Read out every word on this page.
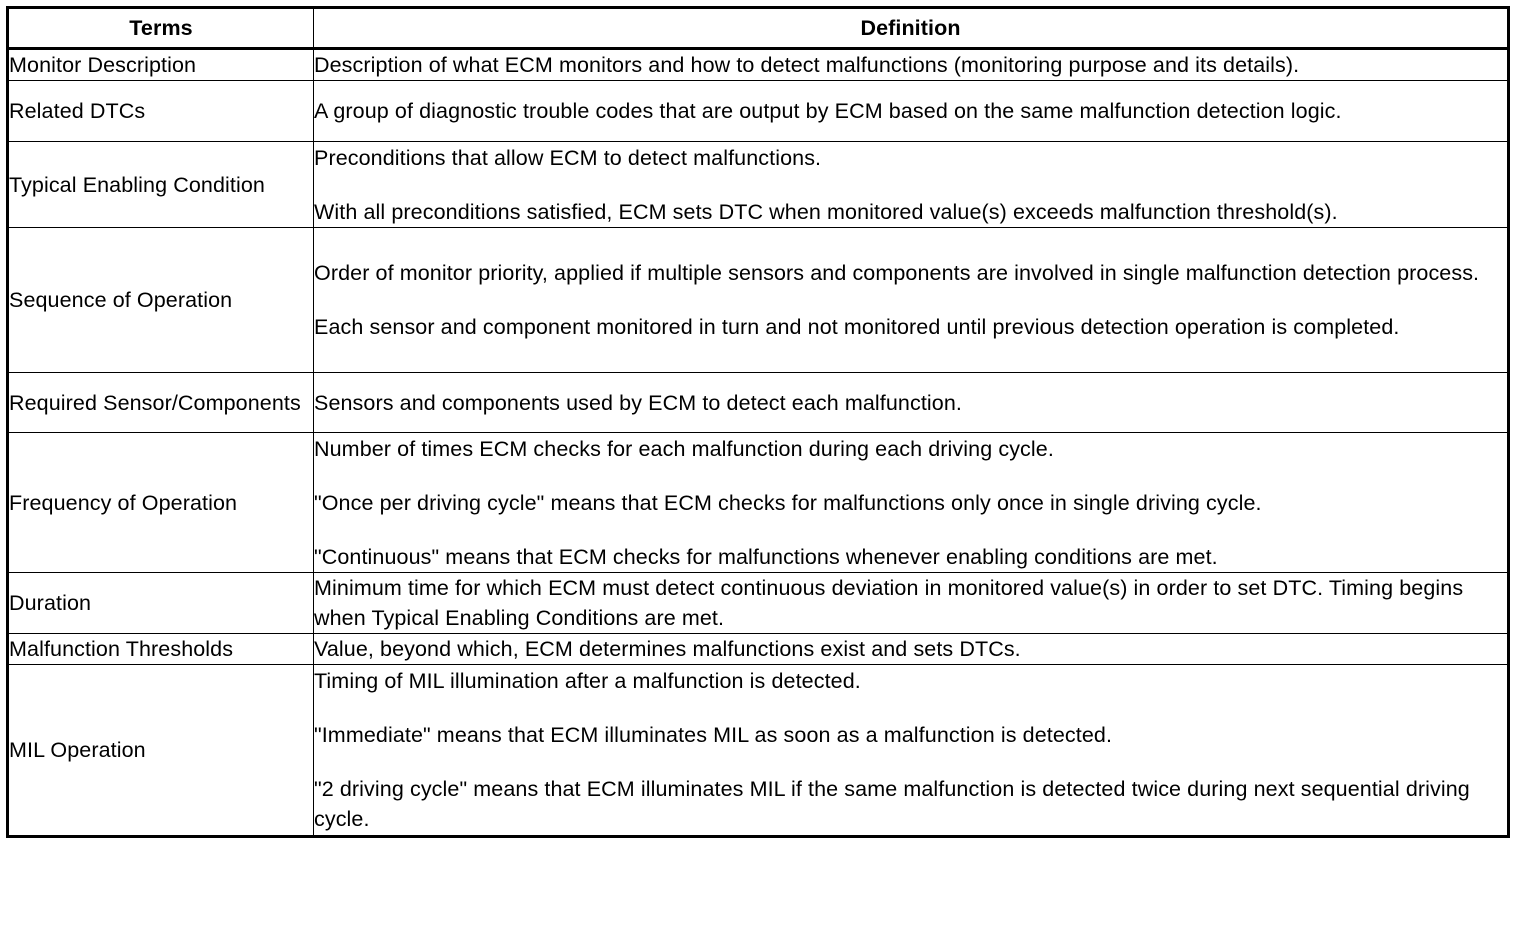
Terms	Definition
Monitor Description	Description of what ECM monitors and how to detect malfunctions (monitoring purpose and its details).

Related DTCs	A group of diagnostic trouble codes that are output by ECM based on the same malfunction detection logic.

Typical Enabling Condition	Preconditions that allow ECM to detect malfunctions.

With all preconditions satisfied, ECM sets DTC when monitored value(s) exceeds malfunction threshold(s).

Sequence of Operation	Order of monitor priority, applied if multiple sensors and components are involved in single malfunction detection process.

Each sensor and component monitored in turn and not monitored until previous detection operation is completed.

Required Sensor/Components	Sensors and components used by ECM to detect each malfunction.

Frequency of Operation	Number of times ECM checks for each malfunction during each driving cycle.

"Once per driving cycle" means that ECM checks for malfunctions only once in single driving cycle.

"Continuous" means that ECM checks for malfunctions whenever enabling conditions are met.

Duration	Minimum time for which ECM must detect continuous deviation in monitored value(s) in order to set DTC. Timing begins when Typical Enabling Conditions are met.

Malfunction Thresholds	Value, beyond which, ECM determines malfunctions exist and sets DTCs.

MIL Operation	Timing of MIL illumination after a malfunction is detected.

"Immediate" means that ECM illuminates MIL as soon as a malfunction is detected.

"2 driving cycle" means that ECM illuminates MIL if the same malfunction is detected twice during next sequential driving cycle.
